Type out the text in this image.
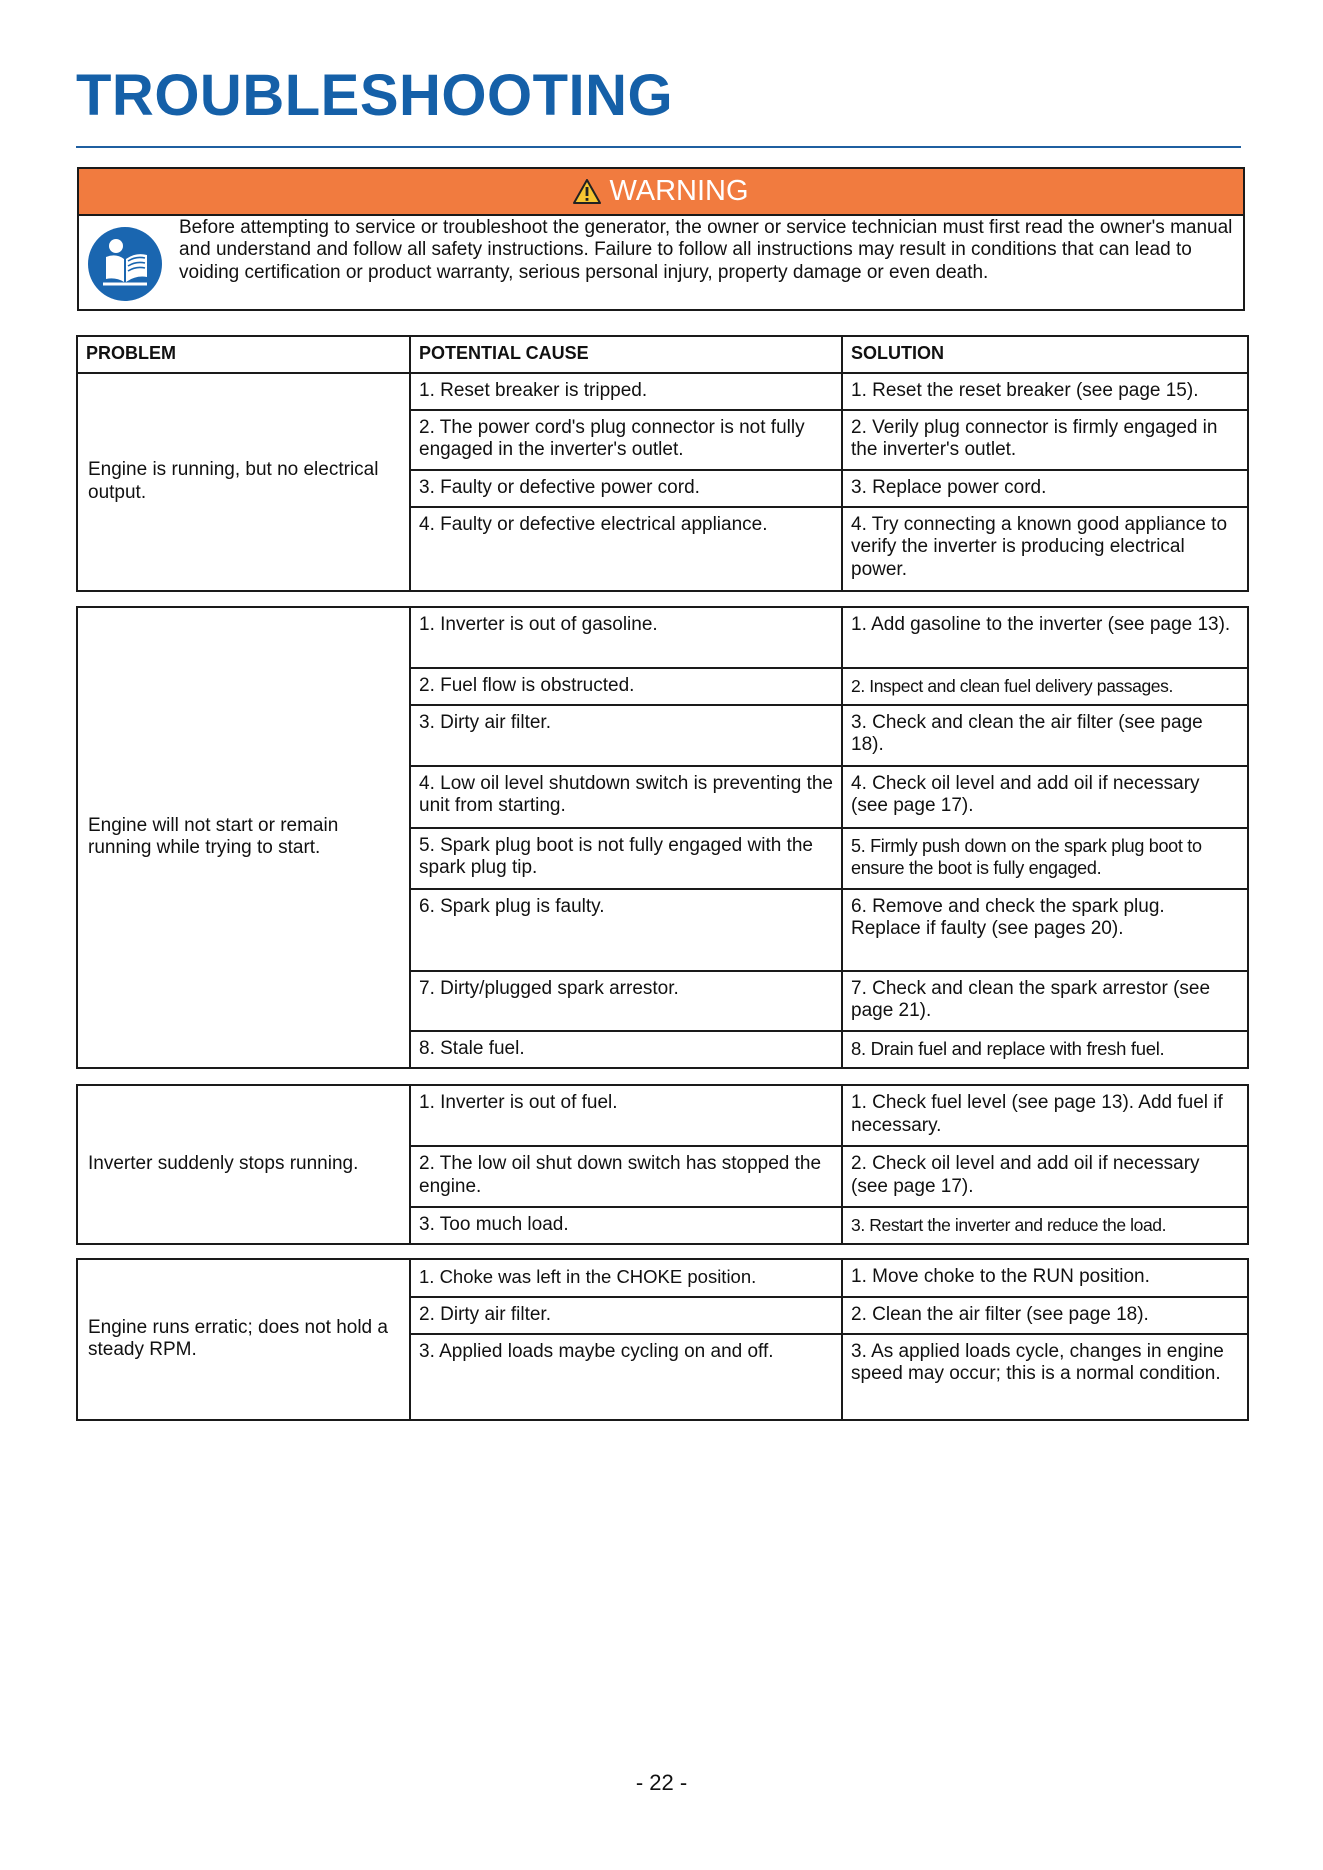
TROUBLESHOOTING
WARNING

Before attempting to service or troubleshoot the generator, the owner or service technician must first read the owner's manual and understand and follow all safety instructions. Failure to follow all instructions may result in conditions that can lead to voiding certification or product warranty, serious personal injury, property damage or even death.

PROBLEM	POTENTIAL CAUSE	SOLUTION
Engine is running, but no electrical output.	1. Reset breaker is tripped.	1. Reset the reset breaker (see page 15).
	2. The power cord's plug connector is not fully engaged in the inverter's outlet.	2. Verily plug connector is firmly engaged in the inverter's outlet.
	3. Faulty or defective power cord.	3. Replace power cord.
	4. Faulty or defective electrical appliance.	4. Try connecting a known good appliance to verify the inverter is producing electrical power.
Engine will not start or remain running while trying to start.	1. Inverter is out of gasoline.	1. Add gasoline to the inverter (see page 13).
	2. Fuel flow is obstructed.	2. Inspect and clean fuel delivery passages.
	3. Dirty air filter.	3. Check and clean the air filter (see page 18).
	4. Low oil level shutdown switch is preventing the unit from starting.	4. Check oil level and add oil if necessary (see page 17).
	5. Spark plug boot is not fully engaged with the spark plug tip.	5. Firmly push down on the spark plug boot to ensure the boot is fully engaged.
	6. Spark plug is faulty.	6. Remove and check the spark plug. Replace if faulty (see pages 20).
	7. Dirty/plugged spark arrestor.	7. Check and clean the spark arrestor (see page 21).
	8. Stale fuel.	8. Drain fuel and replace with fresh fuel.
Inverter suddenly stops running.	1. Inverter is out of fuel.	1. Check fuel level (see page 13). Add fuel if necessary.
	2. The low oil shut down switch has stopped the engine.	2. Check oil level and add oil if necessary (see page 17).
	3. Too much load.	3. Restart the inverter and reduce the load.
Engine runs erratic; does not hold a steady RPM.	1. Choke was left in the CHOKE position.	1. Move choke to the RUN position.
	2. Dirty air filter.	2. Clean the air filter (see page 18).
	3. Applied loads maybe cycling on and off.	3. As applied loads cycle, changes in engine speed may occur; this is a normal condition.
- 22 -
